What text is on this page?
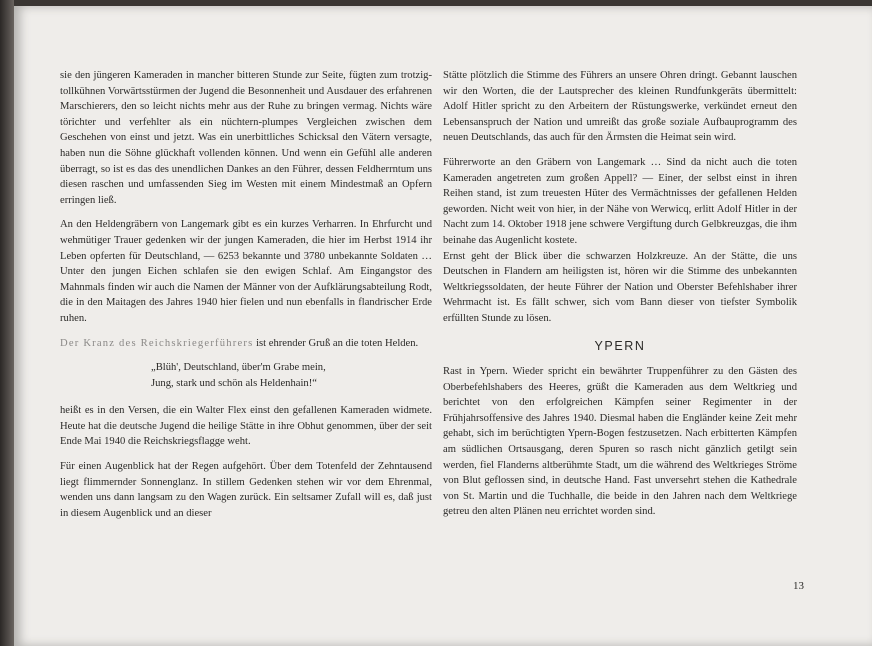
sie den jüngeren Kameraden in mancher bitteren Stunde zur Seite, fügten zum trotzig-tollkühnen Vorwärtsstürmen der Jugend die Besonnenheit und Ausdauer des erfahrenen Marschierers, den so leicht nichts mehr aus der Ruhe zu bringen vermag. Nichts wäre törichter und verfehlter als ein nüchtern-plumpes Vergleichen zwischen dem Geschehen von einst und jetzt. Was ein unerbittliches Schicksal den Vätern versagte, haben nun die Söhne glückhaft vollenden können. Und wenn ein Gefühl alle anderen überragt, so ist es das des unendlichen Dankes an den Führer, dessen Feldherrntum uns diesen raschen und umfassenden Sieg im Westen mit einem Mindestmaß an Opfern erringen ließ.

An den Heldengräbern von Langemark gibt es ein kurzes Verharren. In Ehrfurcht und wehmütiger Trauer gedenken wir der jungen Kameraden, die hier im Herbst 1914 ihr Leben opferten für Deutschland, — 6253 bekannte und 3780 unbekannte Soldaten … Unter den jungen Eichen schlafen sie den ewigen Schlaf. Am Eingangstor des Mahnmals finden wir auch die Namen der Männer von der Aufklärungsabteilung Rodt, die in den Maitagen des Jahres 1940 hier fielen und nun ebenfalls in flandrischer Erde ruhen.

Der Kranz des Reichskriegerführers ist ehrender Gruß an die toten Helden.

„Blüh', Deutschland, über'm Grabe mein,
Jung, stark und schön als Heldenhain!“

heißt es in den Versen, die ein Walter Flex einst den gefallenen Kameraden widmete. Heute hat die deutsche Jugend die heilige Stätte in ihre Obhut genommen, über der seit Ende Mai 1940 die Reichskriegsflagge weht.

Für einen Augenblick hat der Regen aufgehört. Über dem Totenfeld der Zehntausend liegt flimmernder Sonnenglanz. In stillem Gedenken stehen wir vor dem Ehrenmal, wenden uns dann langsam zu den Wagen zurück. Ein seltsamer Zufall will es, daß just in diesem Augenblick und an dieser

Stätte plötzlich die Stimme des Führers an unsere Ohren dringt. Gebannt lauschen wir den Worten, die der Lautsprecher des kleinen Rundfunkgeräts übermittelt: Adolf Hitler spricht zu den Arbeitern der Rüstungswerke, verkündet erneut den Lebensanspruch der Nation und umreißt das große soziale Aufbauprogramm des neuen Deutschlands, das auch für den Ärmsten die Heimat sein wird.

Führerworte an den Gräbern von Langemark … Sind da nicht auch die toten Kameraden angetreten zum großen Appell? — Einer, der selbst einst in ihren Reihen stand, ist zum treuesten Hüter des Vermächtnisses der gefallenen Helden geworden. Nicht weit von hier, in der Nähe von Werwicq, erlitt Adolf Hitler in der Nacht zum 14. Oktober 1918 jene schwere Vergiftung durch Gelbkreuzgas, die ihm beinahe das Augenlicht kostete.

Ernst geht der Blick über die schwarzen Holzkreuze. An der Stätte, die uns Deutschen in Flandern am heiligsten ist, hören wir die Stimme des unbekannten Weltkriegssoldaten, der heute Führer der Nation und Oberster Befehlshaber ihrer Wehrmacht ist. Es fällt schwer, sich vom Bann dieser von tiefster Symbolik erfüllten Stunde zu lösen.

YPERN

Rast in Ypern. Wieder spricht ein bewährter Truppenführer zu den Gästen des Oberbefehlshabers des Heeres, grüßt die Kameraden aus dem Weltkrieg und berichtet von den erfolgreichen Kämpfen seiner Regimenter in der Frühjahrsoffensive des Jahres 1940. Diesmal haben die Engländer keine Zeit mehr gehabt, sich im berüchtigten Ypern-Bogen festzusetzen. Nach erbitterten Kämpfen am südlichen Ortsausgang, deren Spuren so rasch nicht gänzlich getilgt sein werden, fiel Flanderns altberühmte Stadt, um die während des Weltkrieges Ströme von Blut geflossen sind, in deutsche Hand. Fast unversehrt stehen die Kathedrale von St. Martin und die Tuchhalle, die beide in den Jahren nach dem Weltkriege getreu den alten Plänen neu errichtet worden sind.

13
